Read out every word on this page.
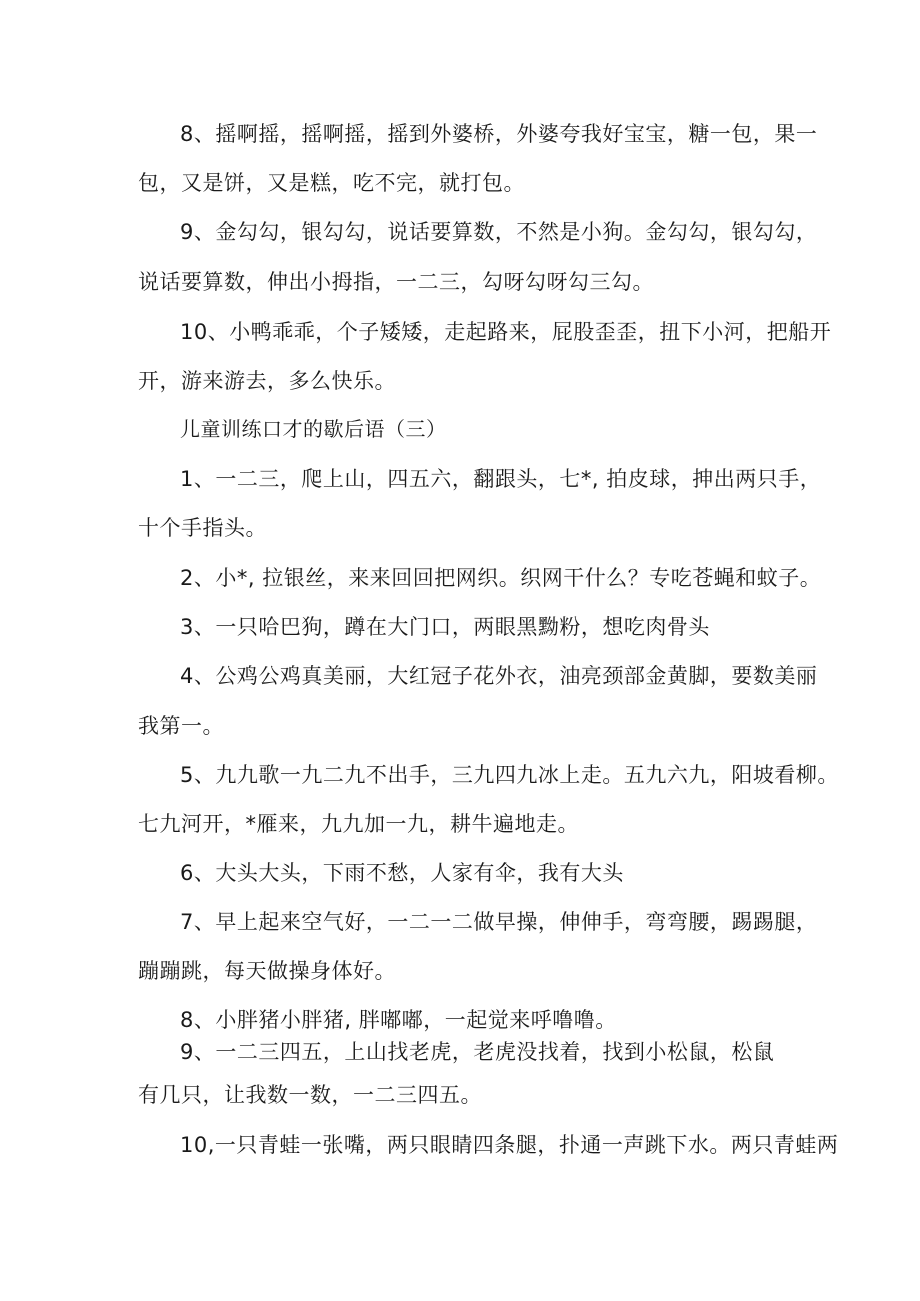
8、摇啊摇，摇啊摇，摇到外婆桥，外婆夸我好宝宝，糖一包，果一
包，又是饼，又是糕，吃不完，就打包。
9、金勾勾，银勾勾，说话要算数，不然是小狗。金勾勾，银勾勾，
说话要算数，伸出小拇指，一二三，勾呀勾呀勾三勾。
10、小鸭乖乖，个子矮矮，走起路来，屁股歪歪，扭下小河，把船开
开，游来游去，多么快乐。
儿童训练口才的歇后语（三）
1、一二三，爬上山，四五六，翻跟头，七*, 拍皮球，抻出两只手，
十个手指头。
2、小*, 拉银丝，来来回回把网织。织网干什么？专吃苍蝇和蚊子。
3、一只哈巴狗，蹲在大门口，两眼黑黝粉，想吃肉骨头
4、公鸡公鸡真美丽，大红冠子花外衣，油亮颈部金黄脚，要数美丽
我第一。
5、九九歌一九二九不出手，三九四九冰上走。五九六九，阳坡看柳。
七九河开，*雁来，九九加一九，耕牛遍地走。
6、大头大头，下雨不愁，人家有伞，我有大头
7、早上起来空气好，一二一二做早操，伸伸手，弯弯腰，踢踢腿，
蹦蹦跳，每天做操身体好。
8、小胖猪小胖猪, 胖嘟嘟，一起觉来呼噜噜。
9、一二三四五，上山找老虎，老虎没找着，找到小松鼠，松鼠
有几只，让我数一数，一二三四五。
10,一只青蛙一张嘴，两只眼睛四条腿，扑通一声跳下水。两只青蛙两
